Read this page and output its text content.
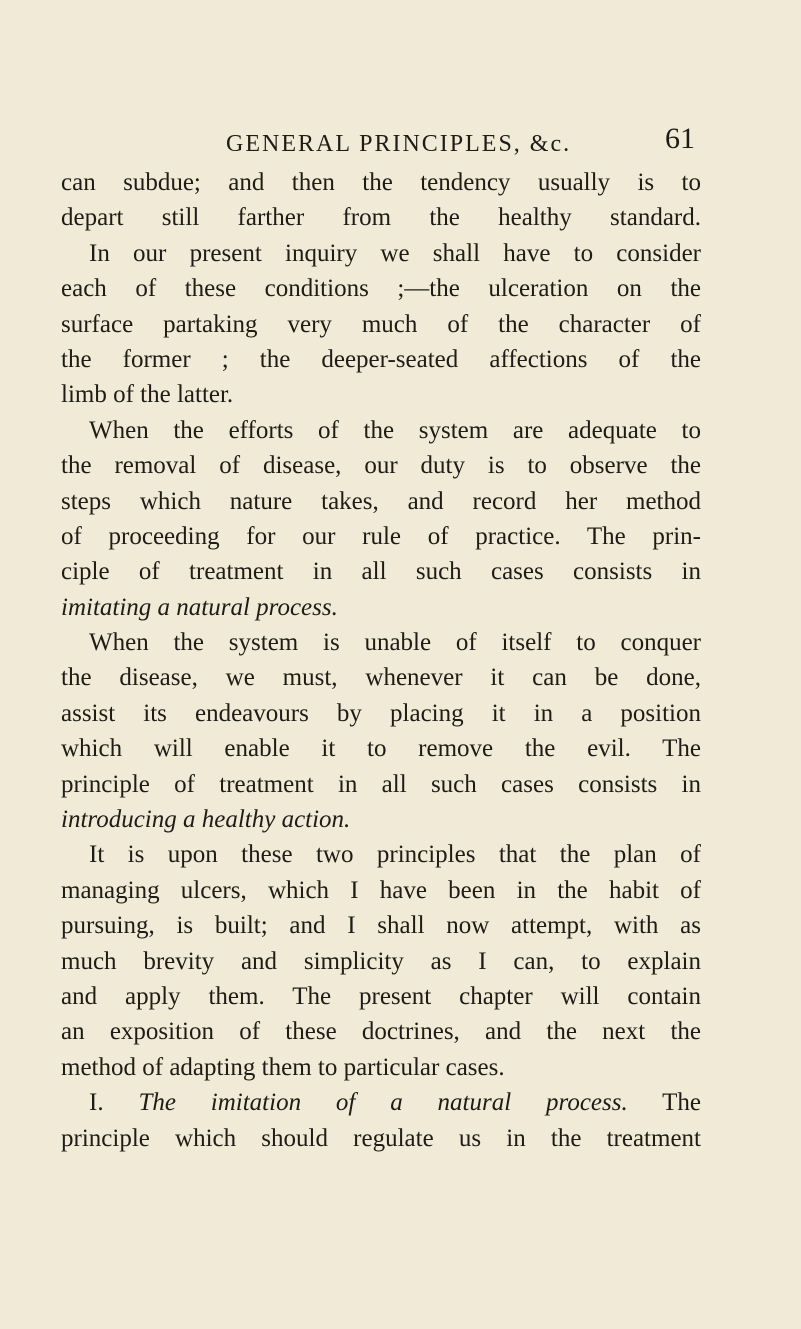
GENERAL PRINCIPLES, &c.	61
can subdue; and then the tendency usually is to
depart still farther from the healthy standard.
In our present inquiry we shall have to consider
each of these conditions ;—the ulceration on the
surface partaking very much of the character of
the former ; the deeper-seated affections of the
limb of the latter.
When the efforts of the system are adequate to
the removal of disease, our duty is to observe the
steps which nature takes, and record her method
of proceeding for our rule of practice. The prin-
ciple of treatment in all such cases consists in
imitating a natural process.
When the system is unable of itself to conquer
the disease, we must, whenever it can be done,
assist its endeavours by placing it in a position
which will enable it to remove the evil. The
principle of treatment in all such cases consists in
introducing a healthy action.
It is upon these two principles that the plan of
managing ulcers, which I have been in the habit of
pursuing, is built; and I shall now attempt, with as
much brevity and simplicity as I can, to explain
and apply them. The present chapter will contain
an exposition of these doctrines, and the next the
method of adapting them to particular cases.
I. The imitation of a natural process. The
principle which should regulate us in the treatment
